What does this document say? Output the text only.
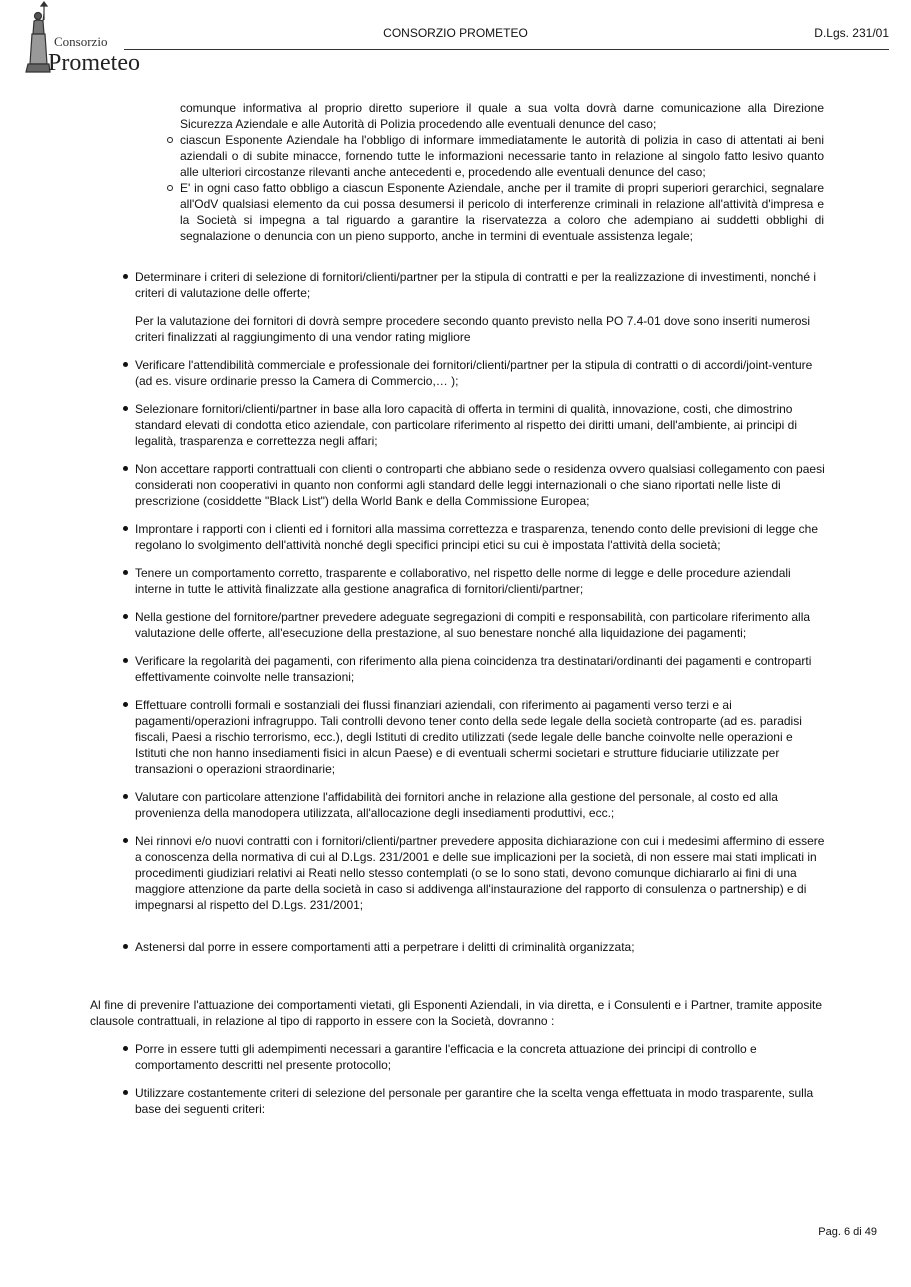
Consorzio
Prometeo
CONSORZIO PROMETEO	D.Lgs. 231/01
comunque informativa al proprio diretto superiore il quale a sua volta dovrà darne comunicazione alla Direzione Sicurezza Aziendale e alle Autorità di Polizia procedendo alle eventuali denunce del caso;
ciascun Esponente Aziendale ha l'obbligo di informare immediatamente le autorità di polizia in caso di attentati ai beni aziendali o di subite minacce, fornendo tutte le informazioni necessarie tanto in relazione al singolo fatto lesivo quanto alle ulteriori circostanze rilevanti anche antecedenti e, procedendo alle eventuali denunce del caso;
E' in ogni caso fatto obbligo a ciascun Esponente Aziendale, anche per il tramite di propri superiori gerarchici, segnalare all'OdV qualsiasi elemento da cui possa desumersi il pericolo di interferenze criminali in relazione all'attività d'impresa e la Società si impegna a tal riguardo a garantire la riservatezza a coloro che adempiano ai suddetti obblighi di segnalazione o denuncia con un pieno supporto, anche in termini di eventuale assistenza legale;
Determinare i criteri di selezione di fornitori/clienti/partner per la stipula di contratti e per la realizzazione di investimenti, nonché i criteri di valutazione delle offerte;
Per la valutazione dei fornitori di dovrà sempre procedere secondo quanto previsto nella PO 7.4-01 dove sono inseriti numerosi criteri finalizzati al raggiungimento di una vendor rating migliore
Verificare l'attendibilità commerciale e professionale dei fornitori/clienti/partner per la stipula di contratti o di accordi/joint-venture (ad es. visure ordinarie presso la Camera di Commercio,… );
Selezionare fornitori/clienti/partner in base alla loro capacità di offerta in termini di qualità, innovazione, costi, che dimostrino standard elevati di condotta etico aziendale, con particolare riferimento al rispetto dei diritti umani, dell'ambiente, ai principi di legalità, trasparenza e correttezza negli affari;
Non accettare rapporti contrattuali con clienti o controparti che abbiano sede o residenza ovvero qualsiasi collegamento con paesi considerati non cooperativi in quanto non conformi agli standard delle leggi internazionali o che siano riportati nelle liste di prescrizione (cosiddette "Black List") della World Bank e della Commissione Europea;
Improntare i rapporti con i clienti ed i fornitori alla massima correttezza e trasparenza, tenendo conto delle previsioni di legge che regolano lo svolgimento dell'attività nonché degli specifici principi etici su cui è impostata l'attività della società;
Tenere un comportamento corretto, trasparente e collaborativo, nel rispetto delle norme di legge e delle procedure aziendali interne in tutte le attività finalizzate alla gestione anagrafica di fornitori/clienti/partner;
Nella gestione del fornitore/partner prevedere adeguate segregazioni di compiti e responsabilità, con particolare riferimento alla valutazione delle offerte, all'esecuzione della prestazione, al suo benestare nonché alla liquidazione dei pagamenti;
Verificare la regolarità dei pagamenti, con riferimento alla piena coincidenza tra destinatari/ordinanti dei pagamenti e controparti effettivamente coinvolte nelle transazioni;
Effettuare controlli formali e sostanziali dei flussi finanziari aziendali, con riferimento ai pagamenti verso terzi e ai pagamenti/operazioni infragruppo. Tali controlli devono tener conto della sede legale della società controparte (ad es. paradisi fiscali, Paesi a rischio terrorismo, ecc.), degli Istituti di credito utilizzati (sede legale delle banche coinvolte nelle operazioni e Istituti che non hanno insediamenti fisici in alcun Paese) e di eventuali schermi societari e strutture fiduciarie utilizzate per transazioni o operazioni straordinarie;
Valutare con particolare attenzione l'affidabilità dei fornitori anche in relazione alla gestione del personale, al costo ed alla provenienza della manodopera utilizzata, all'allocazione degli insediamenti produttivi, ecc.;
Nei rinnovi e/o nuovi contratti con i fornitori/clienti/partner prevedere apposita dichiarazione con cui i medesimi affermino di essere a conoscenza della normativa di cui al D.Lgs. 231/2001 e delle sue implicazioni per la società, di non essere mai stati implicati in procedimenti giudiziari relativi ai Reati nello stesso contemplati (o se lo sono stati, devono comunque dichiararlo ai fini di una maggiore attenzione da parte della società in caso si addivenga all'instaurazione del rapporto di consulenza o partnership) e di impegnarsi al rispetto del D.Lgs. 231/2001;
Astenersi dal porre in essere comportamenti atti a perpetrare i delitti di criminalità organizzata;
Al fine di prevenire l'attuazione dei comportamenti vietati, gli Esponenti Aziendali, in via diretta, e i Consulenti e i Partner, tramite apposite clausole contrattuali, in relazione al tipo di rapporto in essere con la Società, dovranno :
Porre in essere tutti gli adempimenti necessari a garantire l'efficacia e la concreta attuazione dei principi di controllo e comportamento descritti nel presente protocollo;
Utilizzare costantemente criteri di selezione del personale per garantire che la scelta venga effettuata in modo trasparente, sulla base dei seguenti criteri:
Pag. 6 di 49
